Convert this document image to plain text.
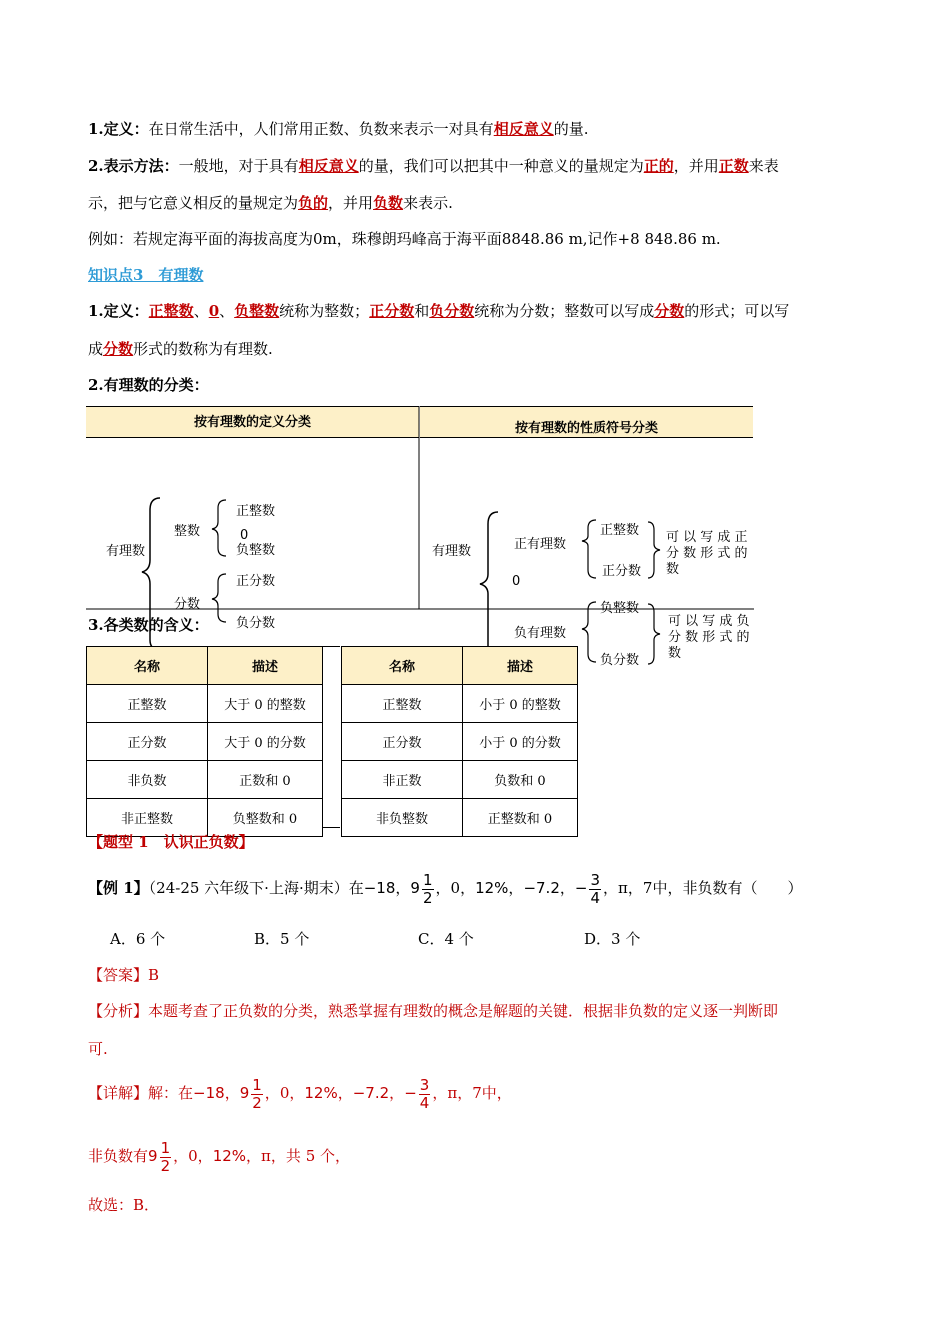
1.定义：在日常生活中，人们常用正数、负数来表示一对具有相反意义的量.
2.表示方法：一般地，对于具有相反意义的量，我们可以把其中一种意义的量规定为正的，并用正数来表
示，把与它意义相反的量规定为负的，并用负数来表示.
例如：若规定海平面的海拔高度为0m，珠穆朗玛峰高于海平面8848.86 m,记作+8 848.86 m.
知识点3　有理数
1.定义：正整数、0、负整数统称为整数；正分数和负分数统称为分数；整数可以写成分数的形式；可以写
成分数形式的数称为有理数.
2.有理数的分类：
按有理数的定义分类	按有理数的性质符号分类
有理数
整数
正整数
0
负整数
正分数
分数
负分数
有理数	正有理数
0
负有理数
正整数
正分数
负整数
负分数
可 以 写 成 正 分 数 形 式 的 数
可 以 写 成 负 分 数 形 式 的 数
3.各类数的含义：
名称	描述
正整数	大于 0 的整数
正分数	大于 0 的分数
非负数	正数和 0
非正整数	负整数和 0
名称	描述
正整数	小于 0 的整数
正分数	小于 0 的分数
非正数	负数和 0
非负整数	正整数和 0
【题型 1　认识正负数】
【例 1】（24-25 六年级下·上海·期末）在−18，$9 \frac{1}{2}$ ，0，12%，−7.2，− $\frac{3}{4}$ ，π，7中，非负数有（　　）
A．6 个	B．5 个	C．4 个	D．3 个
【答案】B
【分析】本题考查了正负数的分类，熟悉掌握有理数的概念是解题的关键．根据非负数的定义逐一判断即
可.
【详解】解：在−18，$9 \frac{1}{2}$ ，0，12%，−7.2，− $\frac{3}{4}$ ，π，7中，
非负数有$9 \frac{1}{2}$ ，0，12%，π，共 5 个，
故选：B．
